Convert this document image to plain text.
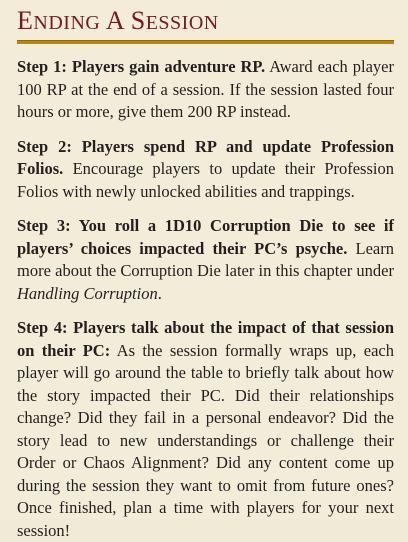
ENDING A SESSION

Step 1: Players gain adventure RP. Award each player 100 RP at the end of a session. If the session lasted four hours or more, give them 200 RP instead.

Step 2: Players spend RP and update Profession Folios. Encourage players to update their Profession Folios with newly unlocked abilities and trappings.

Step 3: You roll a 1D10 Corruption Die to see if players’ choices impacted their PC’s psyche. Learn more about the Corruption Die later in this chapter under Handling Corruption.

Step 4: Players talk about the impact of that session on their PC: As the session formally wraps up, each player will go around the table to briefly talk about how the story impacted their PC. Did their relationships change? Did they fail in a personal endeavor? Did the story lead to new understandings or challenge their Order or Chaos Alignment? Did any content come up during the session they want to omit from future ones? Once finished, plan a time with players for your next session!
